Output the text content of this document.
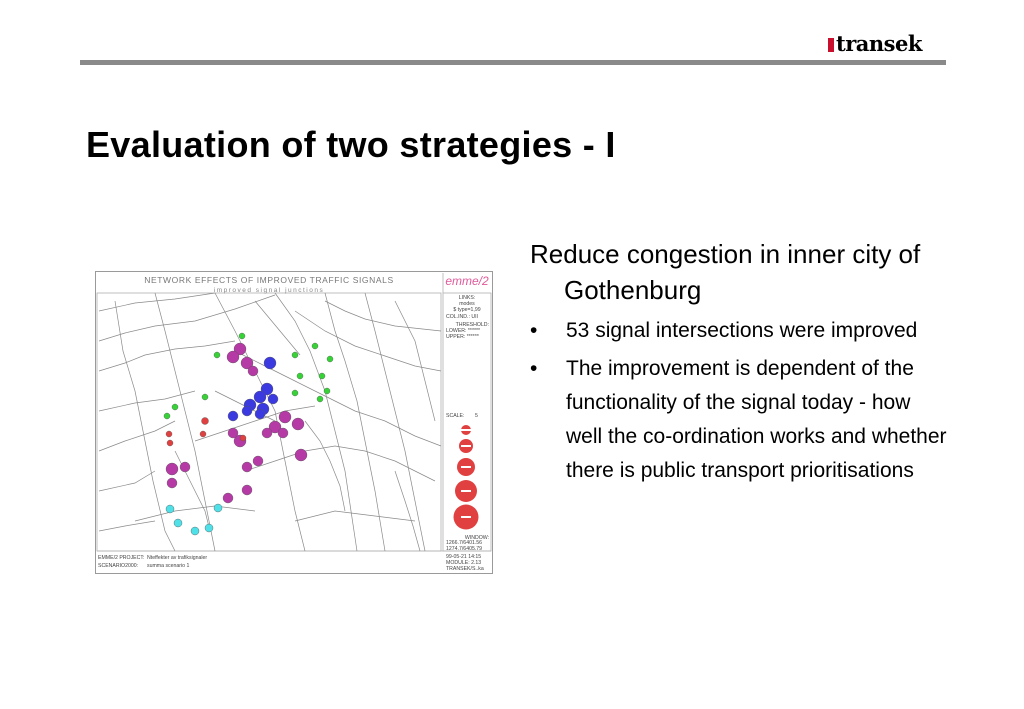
transek
Evaluation of two strategies - I
NETWORK EFFECTS OF IMPROVED TRAFFIC SIGNALS
improved signal junctions
emme/2
LINKS:
modes
$ type=1,99
COL.IND.: UII
THRESHOLD:
LOWER: ******
UPPER: ******
SCALE: 5
WINDOW:
1266.7/6401.56
1274.7/6405.79
EMME/2 PROJECT: Nteffekter av trafiksignaler
SCENARIO2000: summa scenario 1
99-05-21 14:15
MODULE: 2.13
TRANSEK/S..ka

Reduce congestion in inner city of Gothenburg

• 53 signal intersections were improved
• The improvement is dependent of the functionality of the signal today - how well the co-ordination works and whether there is public transport prioritisations
